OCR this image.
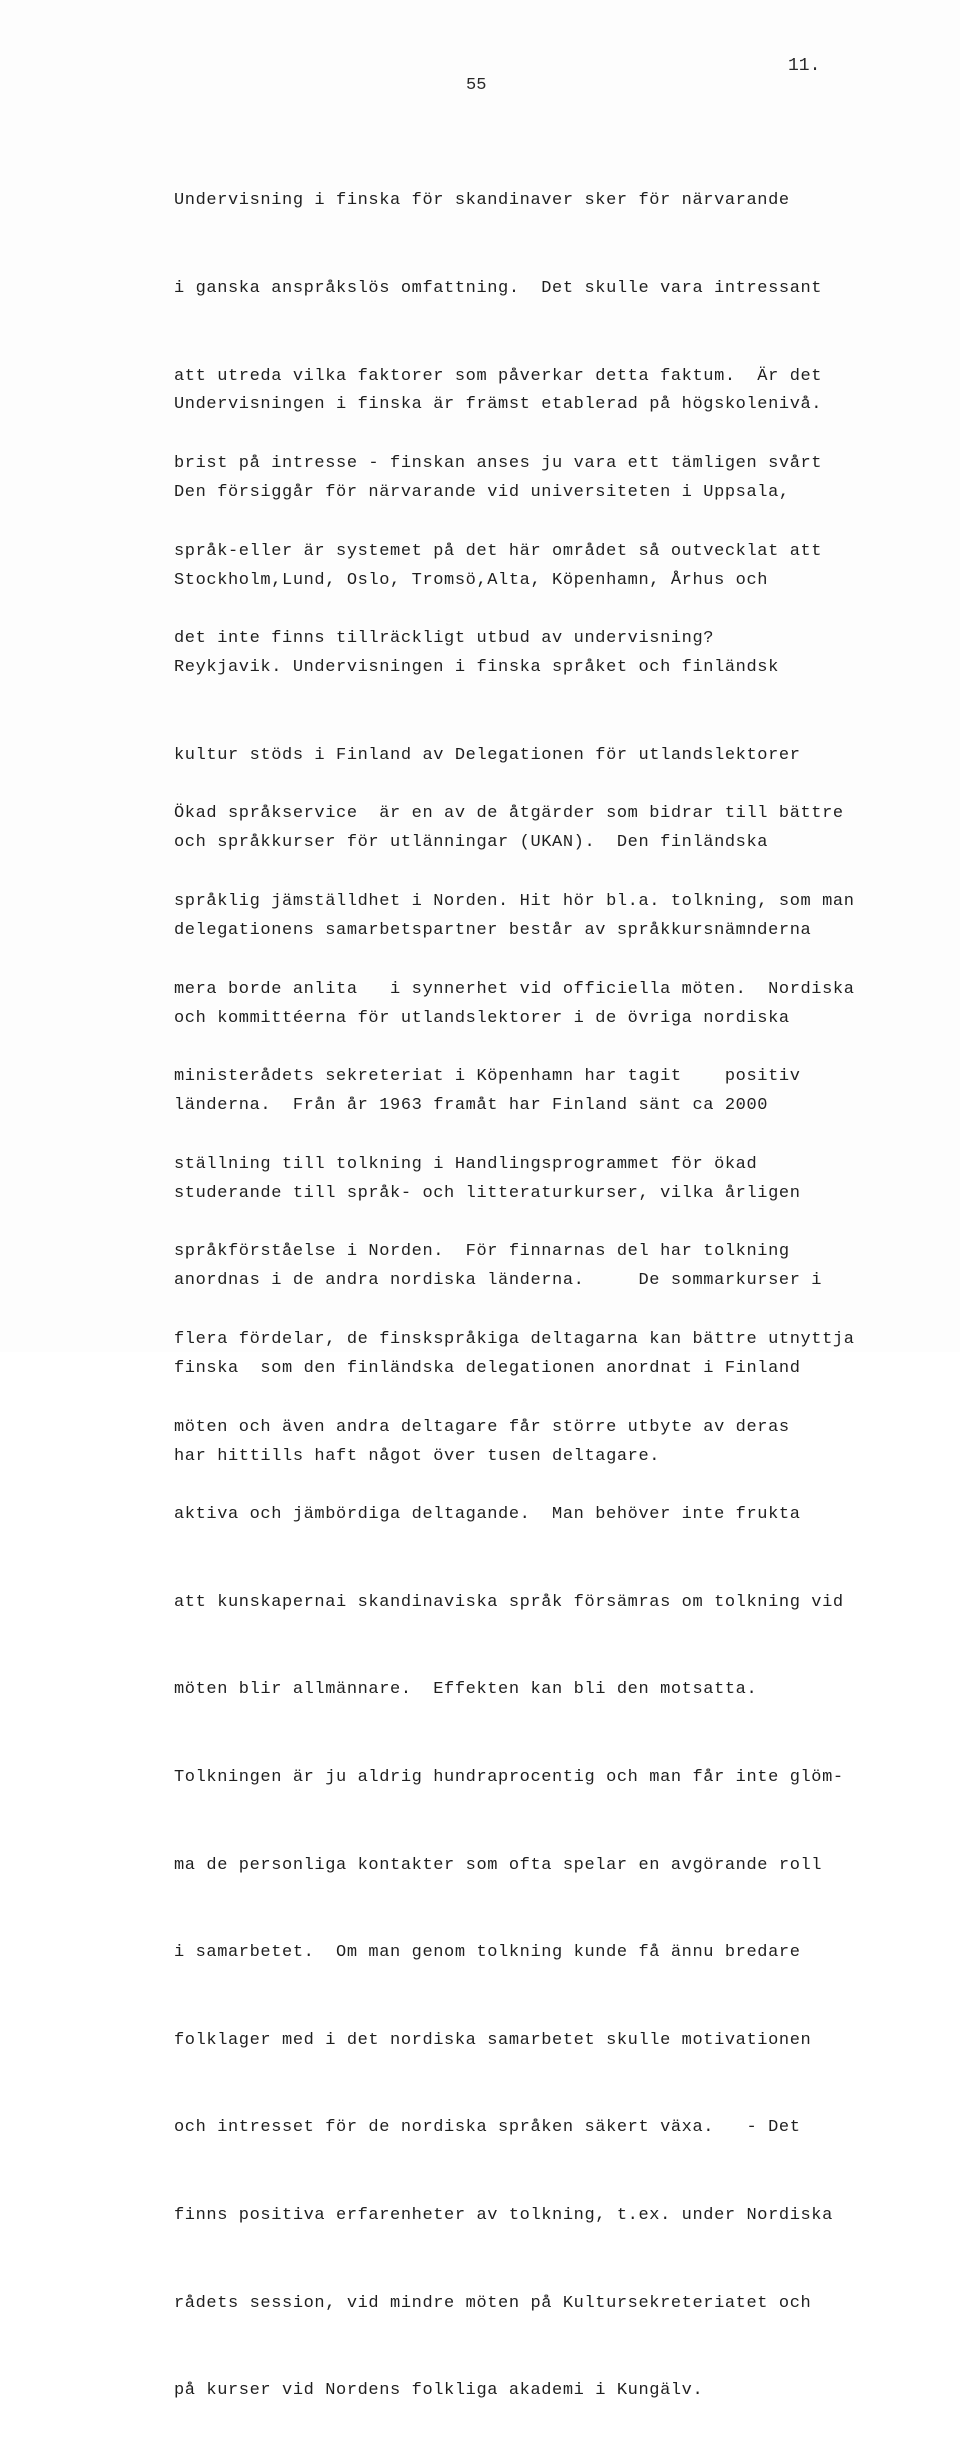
55
11.

Undervisning i finska för skandinaver sker för närvarande

i ganska anspråkslös omfattning.  Det skulle vara intressant

att utreda vilka faktorer som påverkar detta faktum.  Är det

brist på intresse - finskan anses ju vara ett tämligen svårt

språk-eller är systemet på det här området så outvecklat att

det inte finns tillräckligt utbud av undervisning?

Undervisningen i finska är främst etablerad på högskolenivå.

Den försiggår för närvarande vid universiteten i Uppsala,

Stockholm,Lund, Oslo, Tromsö,Alta, Köpenhamn, Århus och

Reykjavik. Undervisningen i finska språket och finländsk

kultur stöds i Finland av Delegationen för utlandslektorer

och språkkurser för utlänningar (UKAN).  Den finländska

delegationens samarbetspartner består av språkkursnämnderna

och kommittéerna för utlandslektorer i de övriga nordiska

länderna.  Från år 1963 framåt har Finland sänt ca 2000

studerande till språk- och litteraturkurser, vilka årligen

anordnas i de andra nordiska länderna.     De sommarkurser i

finska  som den finländska delegationen anordnat i Finland

har hittills haft något över tusen deltagare.

Ökad språkservice  är en av de åtgärder som bidrar till bättre

språklig jämställdhet i Norden. Hit hör bl.a. tolkning, som man

mera borde anlita   i synnerhet vid officiella möten.  Nordiska

ministerådets sekreteriat i Köpenhamn har tagit    positiv

ställning till tolkning i Handlingsprogrammet för ökad

språkförståelse i Norden.  För finnarnas del har tolkning

flera fördelar, de finskspråkiga deltagarna kan bättre utnyttja

möten och även andra deltagare får större utbyte av deras

aktiva och jämbördiga deltagande.  Man behöver inte frukta

att kunskapernai skandinaviska språk försämras om tolkning vid

möten blir allmännare.  Effekten kan bli den motsatta.

Tolkningen är ju aldrig hundraprocentig och man får inte glöm-

ma de personliga kontakter som ofta spelar en avgörande roll

i samarbetet.  Om man genom tolkning kunde få ännu bredare

folklager med i det nordiska samarbetet skulle motivationen

och intresset för de nordiska språken säkert växa.   - Det

finns positiva erfarenheter av tolkning, t.ex. under Nordiska

rådets session, vid mindre möten på Kultursekreteriatet och

på kurser vid Nordens folkliga akademi i Kungälv.
